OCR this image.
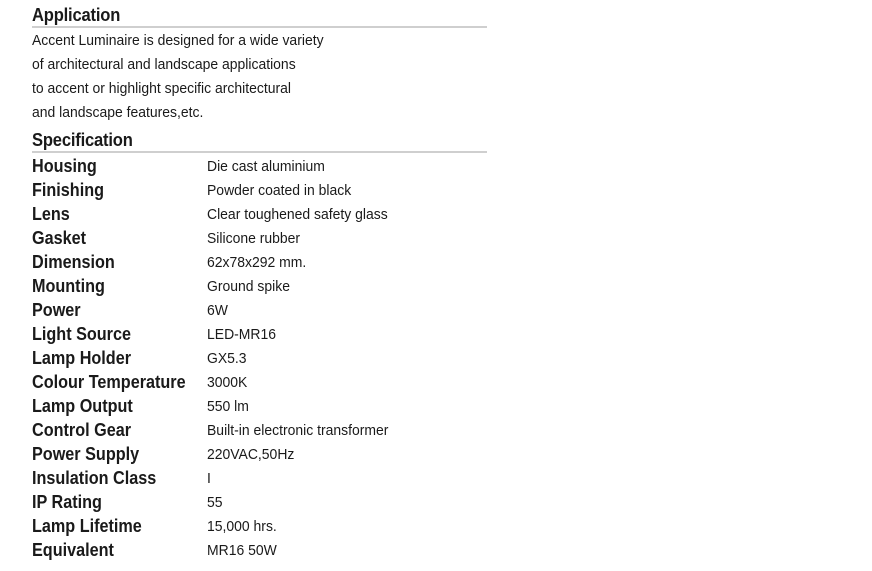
Application
Accent Luminaire is designed for a wide variety
of architectural and landscape applications
to accent or highlight specific architectural
and landscape features,etc.
Specification
Housing	Die cast aluminium
Finishing	Powder coated in black
Lens	Clear toughened safety glass
Gasket	Silicone rubber
Dimension	62x78x292 mm.
Mounting	Ground spike
Power	6W
Light Source	LED-MR16
Lamp Holder	GX5.3
Colour Temperature 3000K
Lamp Output	550 lm
Control Gear	Built-in electronic transformer
Power Supply	220VAC,50Hz
Insulation Class	I
IP Rating	55
Lamp Lifetime	15,000 hrs.
Equivalent	MR16 50W
